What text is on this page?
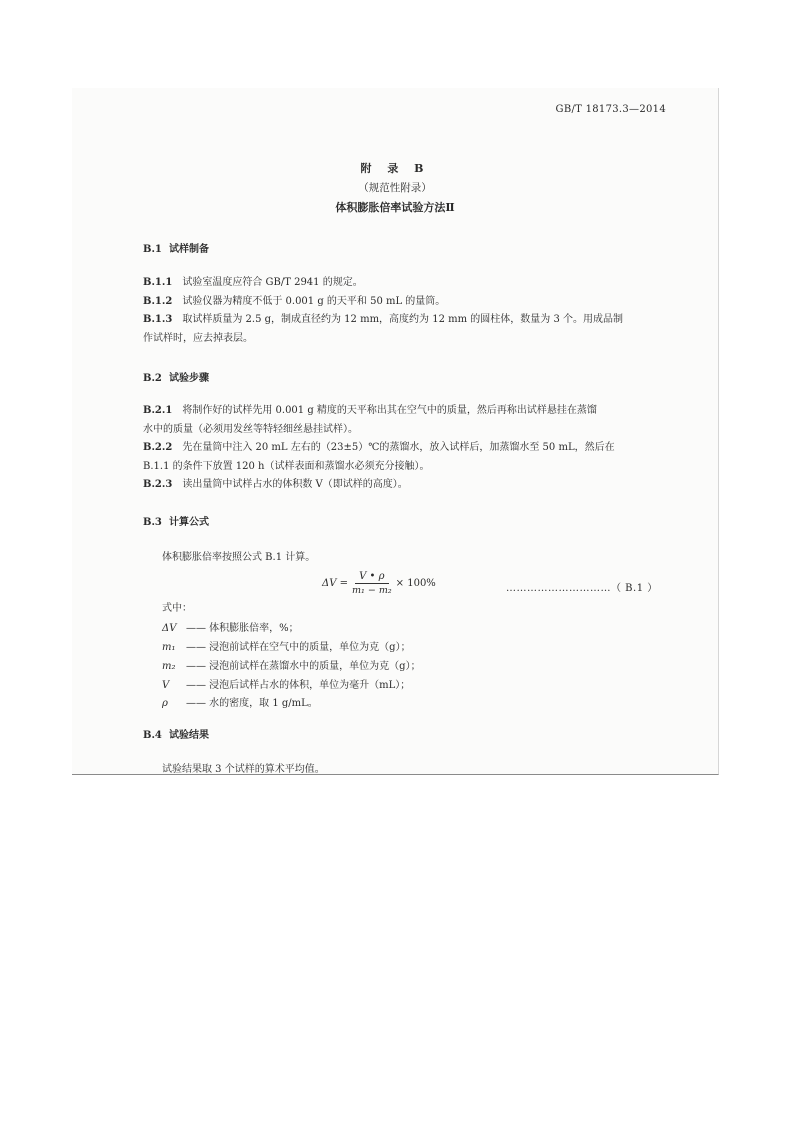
GB/T 18173.3—2014
附 录 B
（规范性附录）
体积膨胀倍率试验方法Ⅱ
B.1 试样制备
B.1.1 试验室温度应符合 GB/T 2941 的规定。
B.1.2 试验仪器为精度不低于 0.001 g 的天平和 50 mL 的量筒。
B.1.3 取试样质量为 2.5 g，制成直径约为 12 mm，高度约为 12 mm 的圆柱体，数量为 3 个。用成品制
作试样时，应去掉表层。
B.2 试验步骤
B.2.1 将制作好的试样先用 0.001 g 精度的天平称出其在空气中的质量，然后再称出试样悬挂在蒸馏
水中的质量（必须用发丝等特轻细丝悬挂试样）。
B.2.2 先在量筒中注入 20 mL 左右的（23±5）℃的蒸馏水，放入试样后，加蒸馏水至 50 mL，然后在
B.1.1 的条件下放置 120 h（试样表面和蒸馏水必须充分接触）。
B.2.3 读出量筒中试样占水的体积数 V（即试样的高度）。
B.3 计算公式
体积膨胀倍率按照公式 B.1 计算。
$\Delta V = \frac{V • \rho}{\text{m₁ − m₂}} \times 100\%$	…………………………（ B.1 ）
式中：
ΔV —— 体积膨胀倍率，%；
m₁ —— 浸泡前试样在空气中的质量，单位为克（g）；
m₂ —— 浸泡前试样在蒸馏水中的质量，单位为克（g）；
V —— 浸泡后试样占水的体积，单位为毫升（mL）；
ρ —— 水的密度，取 1 g/mL。
B.4 试验结果
试验结果取 3 个试样的算术平均值。
